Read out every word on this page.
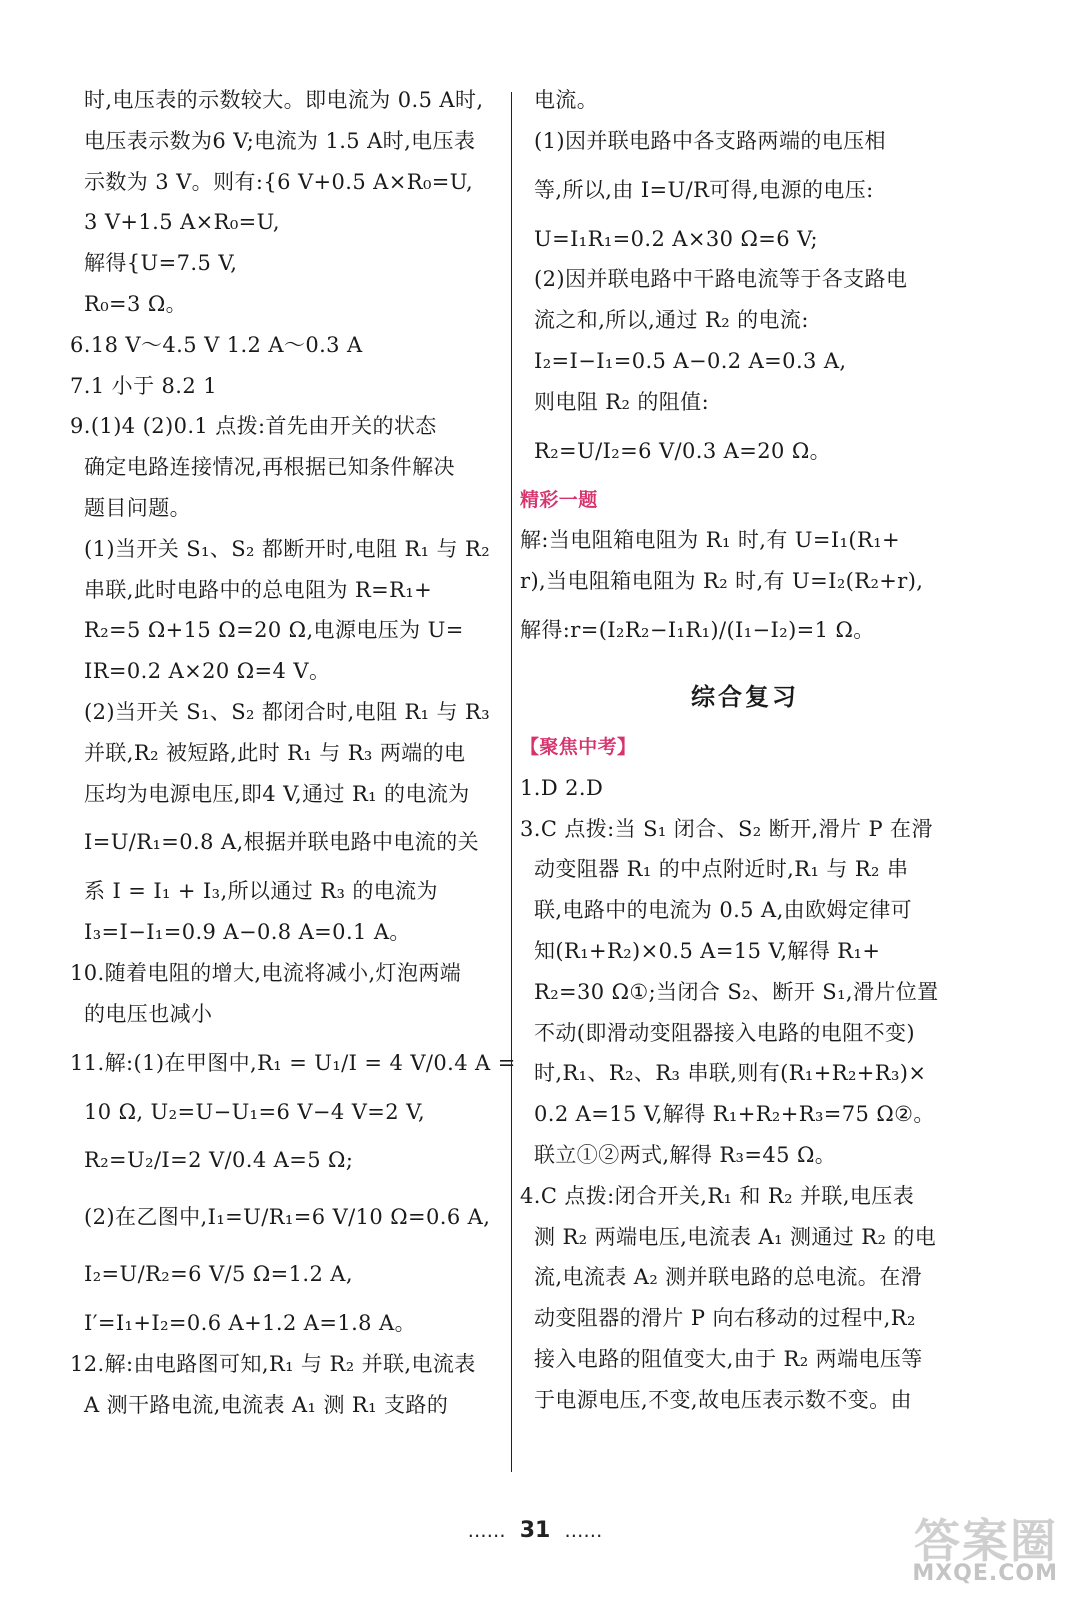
时,电压表的示数较大。即电流为 0.5 A时,
电压表示数为6 V;电流为 1.5 A时,电压表
示数为 3 V。则有:{6 V+0.5 A×R₀=U,
3 V+1.5 A×R₀=U,
解得{U=7.5 V,
R₀=3 Ω。
6.18 V～4.5 V 1.2 A～0.3 A
7.1 小于 8.2 1
9.(1)4 (2)0.1 点拨:首先由开关的状态
确定电路连接情况,再根据已知条件解决
题目问题。
(1)当开关 S₁、S₂ 都断开时,电阻 R₁ 与 R₂
串联,此时电路中的总电阻为 R=R₁+
R₂=5 Ω+15 Ω=20 Ω,电源电压为 U=
IR=0.2 A×20 Ω=4 V。
(2)当开关 S₁、S₂ 都闭合时,电阻 R₁ 与 R₃
并联,R₂ 被短路,此时 R₁ 与 R₃ 两端的电
压均为电源电压,即4 V,通过 R₁ 的电流为
I=U/R₁=0.8 A,根据并联电路中电流的关
系 I = I₁ + I₃,所以通过 R₃ 的电流为
I₃=I−I₁=0.9 A−0.8 A=0.1 A。
10.随着电阻的增大,电流将减小,灯泡两端
的电压也减小
11.解:(1)在甲图中,R₁ = U₁/I = 4 V/0.4 A =
10 Ω, U₂=U−U₁=6 V−4 V=2 V,
R₂=U₂/I=2 V/0.4 A=5 Ω;
(2)在乙图中,I₁=U/R₁=6 V/10 Ω=0.6 A,
I₂=U/R₂=6 V/5 Ω=1.2 A,
I′=I₁+I₂=0.6 A+1.2 A=1.8 A。
12.解:由电路图可知,R₁ 与 R₂ 并联,电流表
A 测干路电流,电流表 A₁ 测 R₁ 支路的
电流。
(1)因并联电路中各支路两端的电压相
等,所以,由 I=U/R可得,电源的电压:
U=I₁R₁=0.2 A×30 Ω=6 V;
(2)因并联电路中干路电流等于各支路电
流之和,所以,通过 R₂ 的电流:
I₂=I−I₁=0.5 A−0.2 A=0.3 A,
则电阻 R₂ 的阻值:
R₂=U/I₂=6 V/0.3 A=20 Ω。
精彩一题
解:当电阻箱电阻为 R₁ 时,有 U=I₁(R₁+
r),当电阻箱电阻为 R₂ 时,有 U=I₂(R₂+r),
解得:r=(I₂R₂−I₁R₁)/(I₁−I₂)=1 Ω。
综合复习
【聚焦中考】
1.D 2.D
3.C 点拨:当 S₁ 闭合、S₂ 断开,滑片 P 在滑
动变阻器 R₁ 的中点附近时,R₁ 与 R₂ 串
联,电路中的电流为 0.5 A,由欧姆定律可
知(R₁+R₂)×0.5 A=15 V,解得 R₁+
R₂=30 Ω①;当闭合 S₂、断开 S₁,滑片位置
不动(即滑动变阻器接入电路的电阻不变)
时,R₁、R₂、R₃ 串联,则有(R₁+R₂+R₃)×
0.2 A=15 V,解得 R₁+R₂+R₃=75 Ω②。
联立①②两式,解得 R₃=45 Ω。
4.C 点拨:闭合开关,R₁ 和 R₂ 并联,电压表
测 R₂ 两端电压,电流表 A₁ 测通过 R₂ 的电
流,电流表 A₂ 测并联电路的总电流。在滑
动变阻器的滑片 P 向右移动的过程中,R₂
接入电路的阻值变大,由于 R₂ 两端电压等
于电源电压,不变,故电压表示数不变。由
…… 31 ……	答案圈
MXQE.COM
